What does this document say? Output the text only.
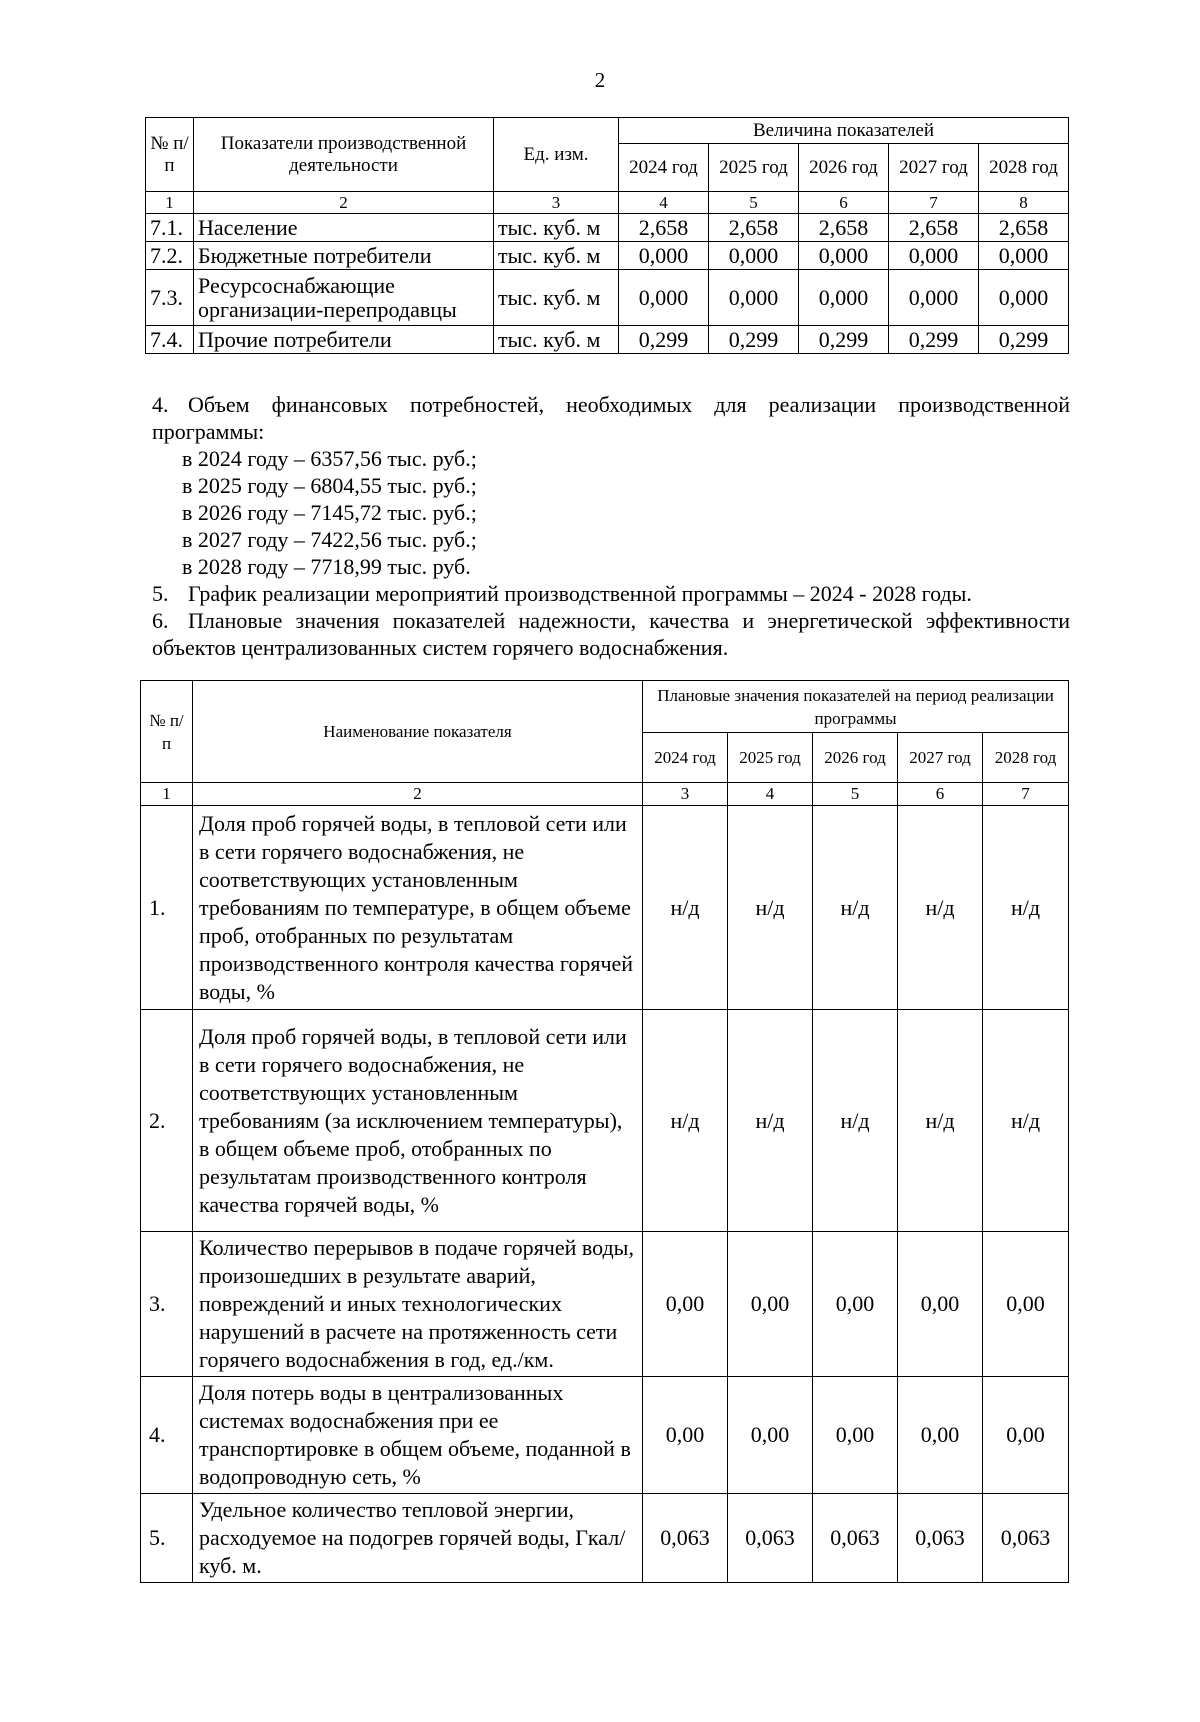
2
№ п/п	Показатели производственной деятельности	Ед. изм.	Величина показателей				
			2024 год	2025 год	2026 год	2027 год	2028 год
1	2	3	4	5	6	7	8
7.1.	Население	тыс. куб. м	2,658	2,658	2,658	2,658	2,658
7.2.	Бюджетные потребители	тыс. куб. м	0,000	0,000	0,000	0,000	0,000
7.3.	Ресурсоснабжающие организации-перепродавцы	тыс. куб. м	0,000	0,000	0,000	0,000	0,000
7.4.	Прочие потребители	тыс. куб. м	0,299	0,299	0,299	0,299	0,299
4. Объем финансовых потребностей, необходимых для реализации производственной программы:
в 2024 году – 6357,56 тыс. руб.;
в 2025 году – 6804,55 тыс. руб.;
в 2026 году – 7145,72 тыс. руб.;
в 2027 году – 7422,56 тыс. руб.;
в 2028 году – 7718,99 тыс. руб.
5. График реализации мероприятий производственной программы – 2024 - 2028 годы.
6. Плановые значения показателей надежности, качества и энергетической эффективности объектов централизованных систем горячего водоснабжения.
№ п/п	Наименование показателя	Плановые значения показателей на период реализации программы				
		2024 год	2025 год	2026 год	2027 год	2028 год
1	2	3	4	5	6	7
1.	Доля проб горячей воды, в тепловой сети или в сети горячего водоснабжения, не соответствующих установленным требованиям по температуре, в общем объеме проб, отобранных по результатам производственного контроля качества горячей воды, %	н/д	н/д	н/д	н/д	н/д
2.	Доля проб горячей воды, в тепловой сети или в сети горячего водоснабжения, не соответствующих установленным требованиям (за исключением температуры), в общем объеме проб, отобранных по результатам производственного контроля качества горячей воды, %	н/д	н/д	н/д	н/д	н/д
3.	Количество перерывов в подаче горячей воды, произошедших в результате аварий, повреждений и иных технологических нарушений в расчете на протяженность сети горячего водоснабжения в год, ед./км.	0,00	0,00	0,00	0,00	0,00
4.	Доля потерь воды в централизованных системах водоснабжения при ее транспортировке в общем объеме, поданной в водопроводную сеть, %	0,00	0,00	0,00	0,00	0,00
5.	Удельное количество тепловой энергии, расходуемое на подогрев горячей воды, Гкал/куб. м.	0,063	0,063	0,063	0,063	0,063
